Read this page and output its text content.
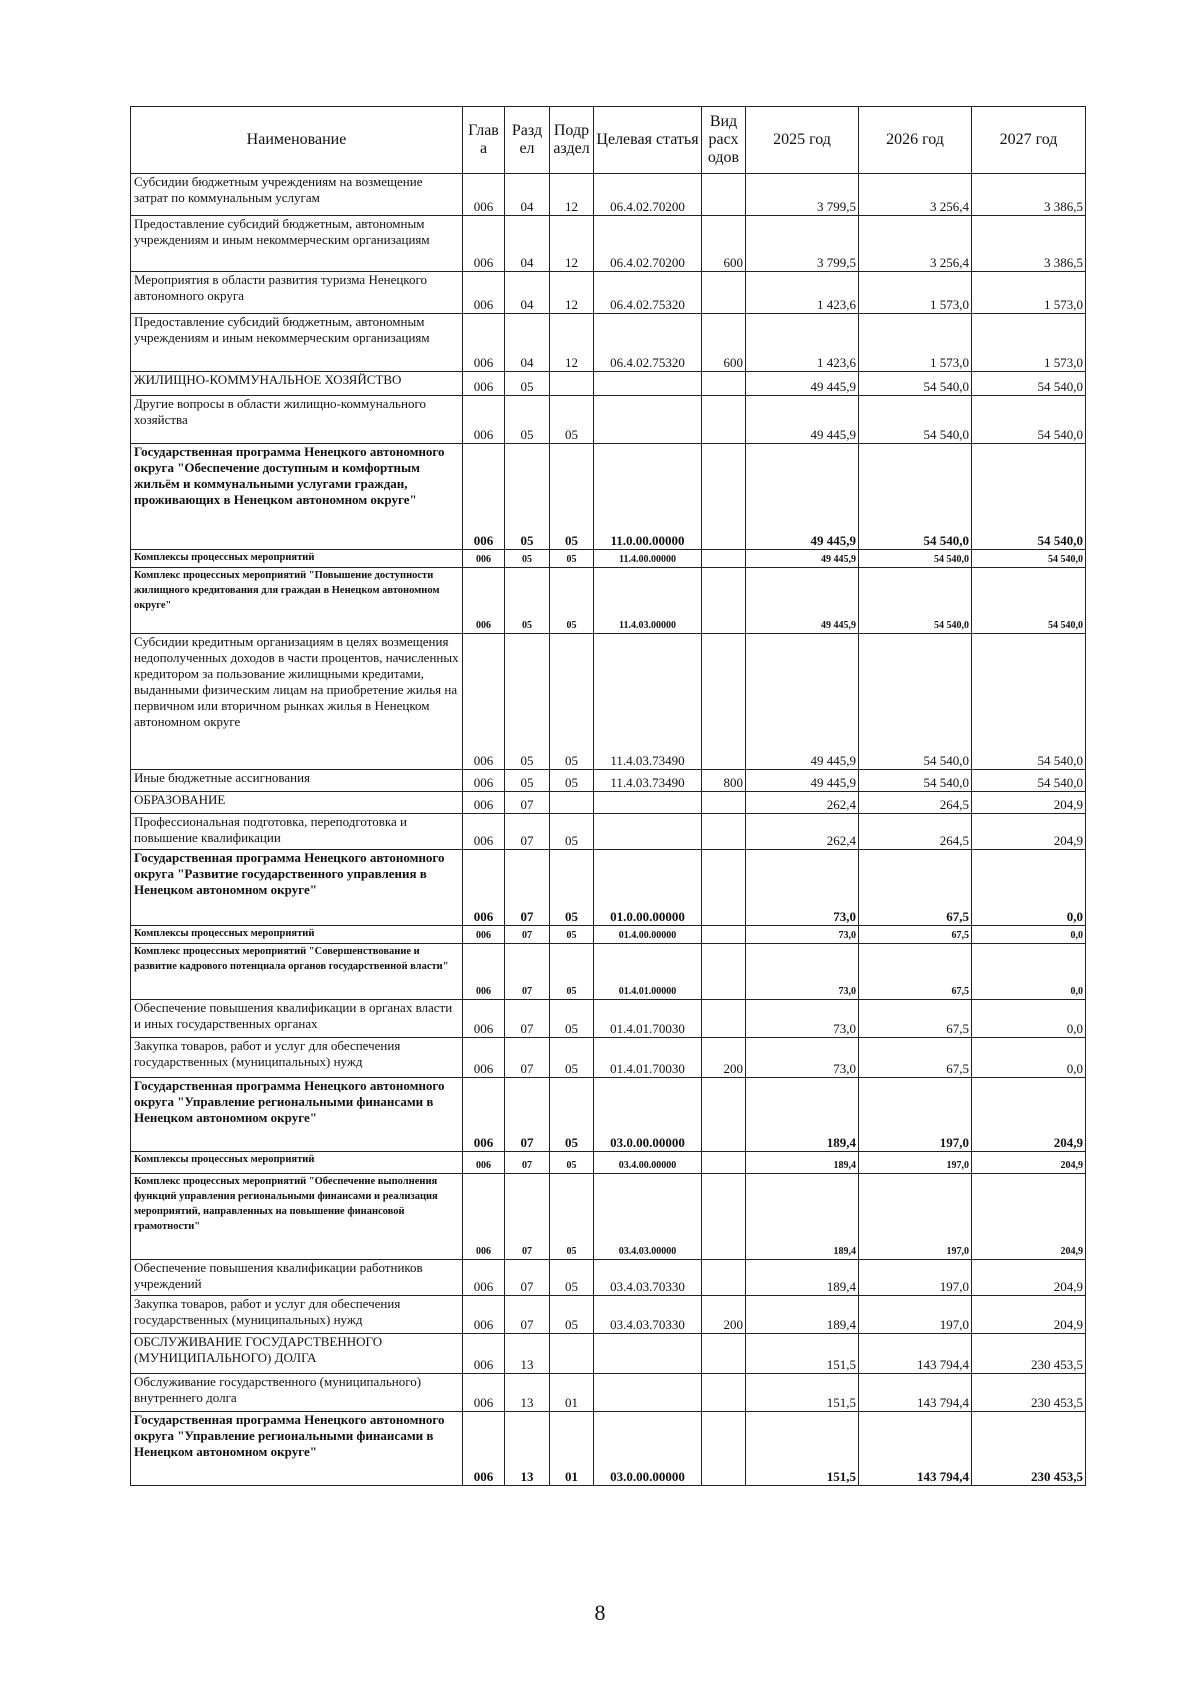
Наименование	Глав а	Разд ел	Подр аздел	Целевая статья	Вид расх одов	2025 год	2026 год	2027 год
Субсидии бюджетным учреждениям на возмещение затрат по коммунальным услугам	006	04	12	06.4.02.70200		3 799,5	3 256,4	3 386,5
Предоставление субсидий бюджетным, автономным учреждениям и иным некоммерческим организациям	006	04	12	06.4.02.70200	600	3 799,5	3 256,4	3 386,5
Мероприятия в области развития туризма Ненецкого автономного округа	006	04	12	06.4.02.75320		1 423,6	1 573,0	1 573,0
Предоставление субсидий бюджетным, автономным учреждениям и иным некоммерческим организациям	006	04	12	06.4.02.75320	600	1 423,6	1 573,0	1 573,0
ЖИЛИЩНО-КОММУНАЛЬНОЕ ХОЗЯЙСТВО	006	05				49 445,9	54 540,0	54 540,0
Другие вопросы в области жилищно-коммунального хозяйства	006	05	05			49 445,9	54 540,0	54 540,0
Государственная программа Ненецкого автономного округа "Обеспечение доступным и комфортным жильём и коммунальными услугами граждан, проживающих в Ненецком автономном округе"	006	05	05	11.0.00.00000		49 445,9	54 540,0	54 540,0
Комплексы процессных мероприятий	006	05	05	11.4.00.00000		49 445,9	54 540,0	54 540,0
Комплекс процессных мероприятий "Повышение доступности жилищного кредитования для граждан в Ненецком автономном округе"	006	05	05	11.4.03.00000		49 445,9	54 540,0	54 540,0
Субсидии кредитным организациям в целях возмещения недополученных доходов в части процентов, начисленных кредитором за пользование жилищными кредитами, выданными физическим лицам на приобретение жилья на первичном или вторичном рынках жилья в Ненецком автономном округе	006	05	05	11.4.03.73490		49 445,9	54 540,0	54 540,0
Иные бюджетные ассигнования	006	05	05	11.4.03.73490	800	49 445,9	54 540,0	54 540,0
ОБРАЗОВАНИЕ	006	07				262,4	264,5	204,9
Профессиональная подготовка, переподготовка и повышение квалификации	006	07	05			262,4	264,5	204,9
Государственная программа Ненецкого автономного округа "Развитие государственного управления в Ненецком автономном округе"	006	07	05	01.0.00.00000		73,0	67,5	0,0
Комплексы процессных мероприятий	006	07	05	01.4.00.00000		73,0	67,5	0,0
Комплекс процессных мероприятий "Совершенствование и развитие кадрового потенциала органов государственной власти"	006	07	05	01.4.01.00000		73,0	67,5	0,0
Обеспечение повышения квалификации в органах власти и иных государственных органах	006	07	05	01.4.01.70030		73,0	67,5	0,0
Закупка товаров, работ и услуг для обеспечения государственных (муниципальных) нужд	006	07	05	01.4.01.70030	200	73,0	67,5	0,0
Государственная программа Ненецкого автономного округа "Управление региональными финансами в Ненецком автономном округе"	006	07	05	03.0.00.00000		189,4	197,0	204,9
Комплексы процессных мероприятий	006	07	05	03.4.00.00000		189,4	197,0	204,9
Комплекс процессных мероприятий "Обеспечение выполнения функций управления региональными финансами и реализация мероприятий, направленных на повышение финансовой грамотности"	006	07	05	03.4.03.00000		189,4	197,0	204,9
Обеспечение повышения квалификации работников учреждений	006	07	05	03.4.03.70330		189,4	197,0	204,9
Закупка товаров, работ и услуг для обеспечения государственных (муниципальных) нужд	006	07	05	03.4.03.70330	200	189,4	197,0	204,9
ОБСЛУЖИВАНИЕ ГОСУДАРСТВЕННОГО (МУНИЦИПАЛЬНОГО) ДОЛГА	006	13				151,5	143 794,4	230 453,5
Обслуживание государственного (муниципального) внутреннего долга	006	13	01			151,5	143 794,4	230 453,5
Государственная программа Ненецкого автономного округа "Управление региональными финансами в Ненецком автономном округе"	006	13	01	03.0.00.00000		151,5	143 794,4	230 453,5
8
